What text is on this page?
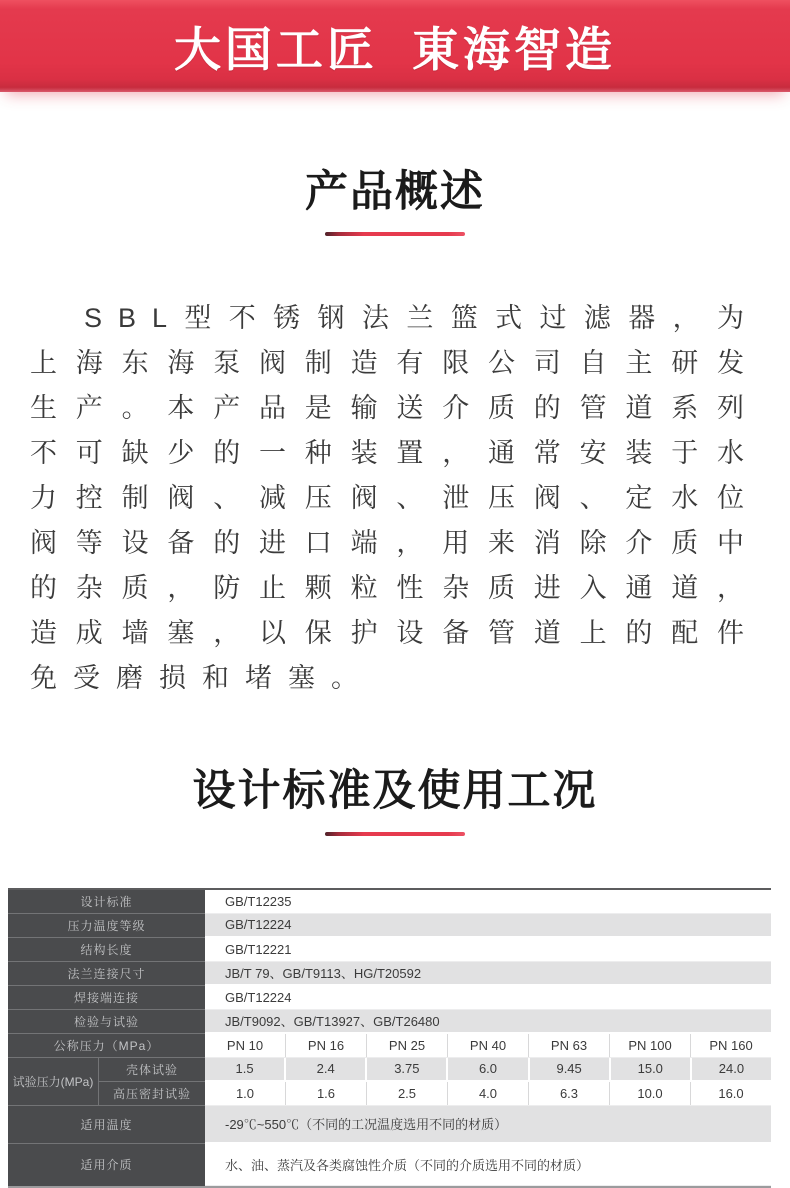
大国工匠  東海智造
产品概述

SBL型不锈钢法兰篮式过滤器，为上海东海泵阀制造有限公司自主研发生产。本产品是输送介质的管道系列不可缺少的一种装置，通常安装于水力控制阀、减压阀、泄压阀、定水位阀等设备的进口端，用来消除介质中的杂质，防止颗粒性杂质进入通道，造成墙塞，以保护设备管道上的配件免受磨损和堵塞。

设计标准及使用工况
设计标准	GB/T12235
压力温度等级	GB/T12224
结构长度	GB/T12221
法兰连接尺寸	JB/T 79、GB/T9113、HG/T20592
焊接端连接	GB/T12224
检验与试验	JB/T9092、GB/T13927、GB/T26480
公称压力（MPa）	PN 10	PN 16	PN 25	PN 40	PN 63	PN 100	PN 160
试验压力(MPa)
壳体试验	1.5	2.4	3.75	6.0	9.45	15.0	24.0
高压密封试验	1.0	1.6	2.5	4.0	6.3	10.0	16.0
适用温度	-29℃~550℃（不同的工况温度选用不同的材质）
适用介质	水、油、蒸汽及各类腐蚀性介质（不同的介质选用不同的材质）
